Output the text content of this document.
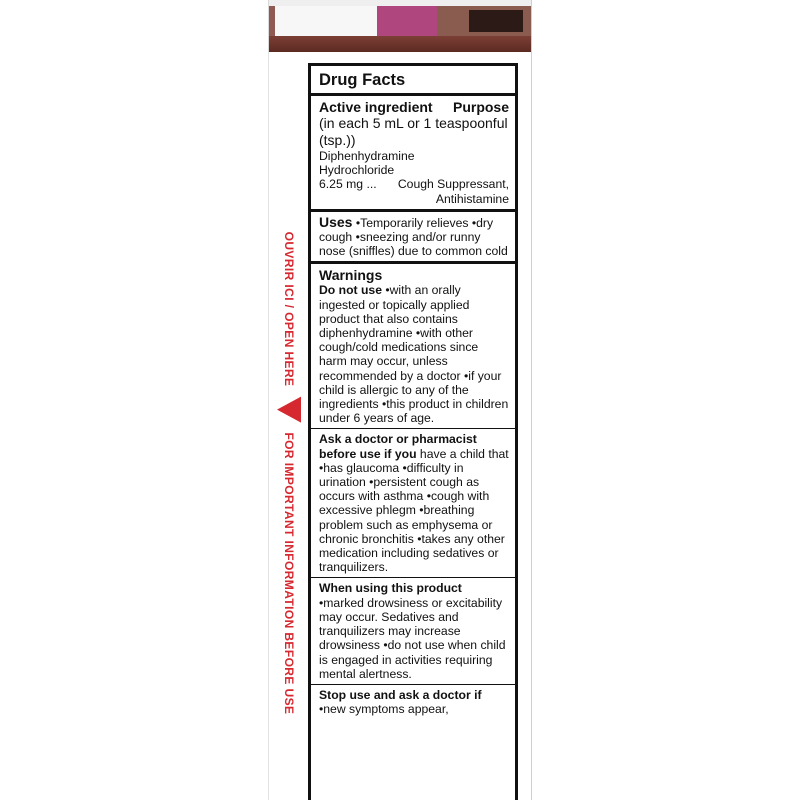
OUVRIR ICI / OPEN HERE
FOR IMPORTANT INFORMATION BEFORE USE
Drug Facts
Active ingredient Purpose
(in each 5 mL or 1 teaspoonful (tsp.))
Diphenhydramine
Hydrochloride
6.25 mg ... Cough Suppressant,
Antihistamine
Uses •Temporarily relieves •dry cough •sneezing and/or runny nose (sniffles) due to common cold
Warnings
Do not use •with an orally ingested or topically applied product that also contains diphenhydramine •with other cough/cold medications since harm may occur, unless recommended by a doctor •if your child is allergic to any of the ingredients •this product in children under 6 years of age.
Ask a doctor or pharmacist before use if you have a child that •has glaucoma •difficulty in urination •persistent cough as occurs with asthma •cough with excessive phlegm •breathing problem such as emphysema or chronic bronchitis •takes any other medication including sedatives or tranquilizers.
When using this product
•marked drowsiness or excitability may occur. Sedatives and tranquilizers may increase drowsiness •do not use when child is engaged in activities requiring mental alertness.
Stop use and ask a doctor if •new symptoms appear,
